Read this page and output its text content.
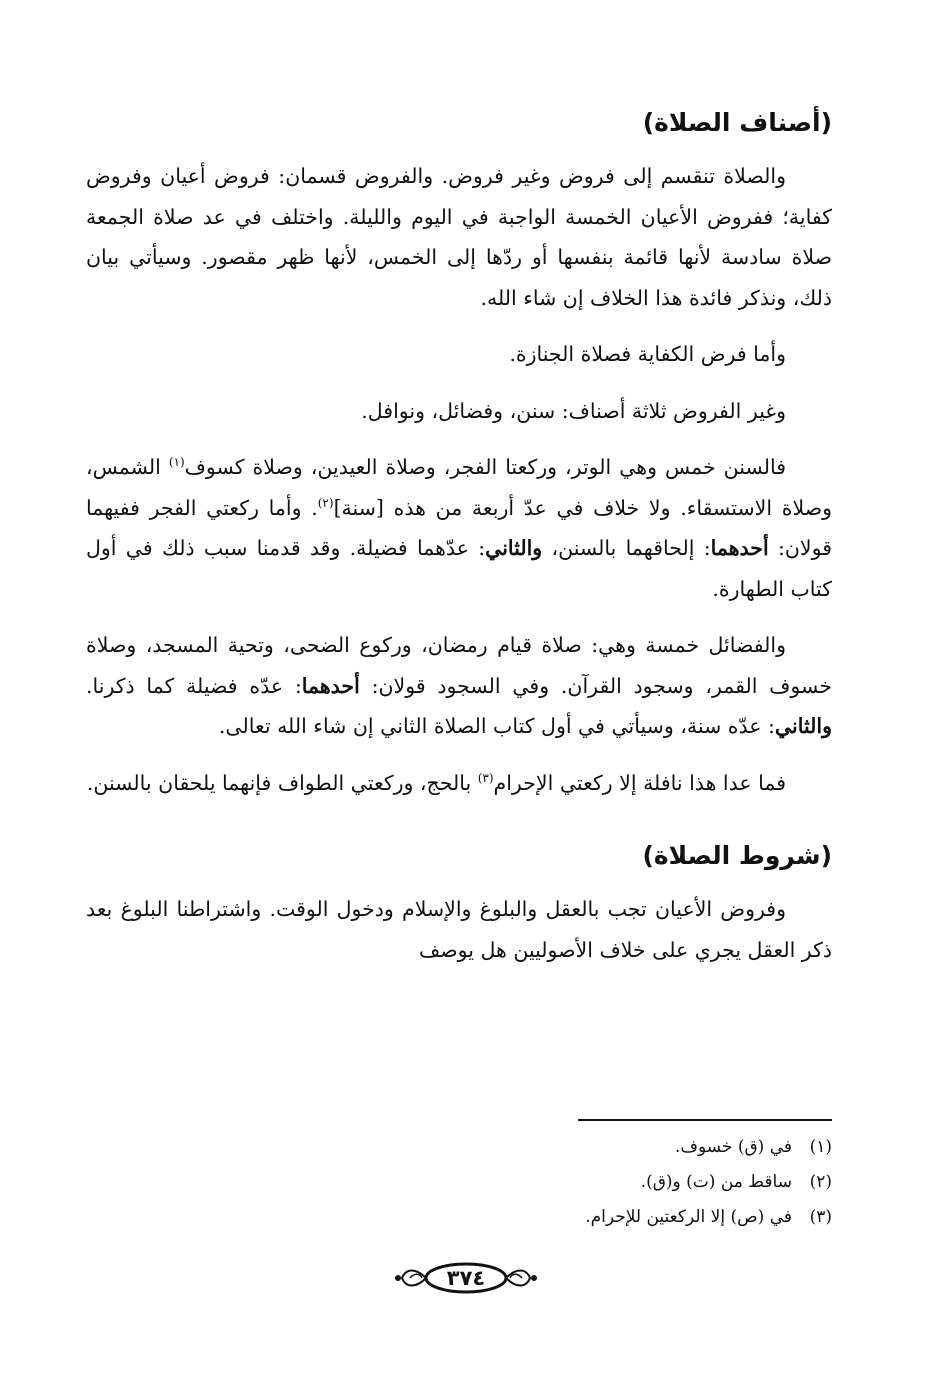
(أصناف الصلاة)

والصلاة تنقسم إلى فروض وغير فروض. والفروض قسمان: فروض أعيان وفروض كفاية؛ ففروض الأعيان الخمسة الواجبة في اليوم والليلة. واختلف في عد صلاة الجمعة صلاة سادسة لأنها قائمة بنفسها أو ردّها إلى الخمس، لأنها ظهر مقصور. وسيأتي بيان ذلك، ونذكر فائدة هذا الخلاف إن شاء الله.

وأما فرض الكفاية فصلاة الجنازة.

وغير الفروض ثلاثة أصناف: سنن، وفضائل، ونوافل.

فالسنن خمس وهي الوتر، وركعتا الفجر، وصلاة العيدين، وصلاة كسوف$^{(١)}$ الشمس، وصلاة الاستسقاء. ولا خلاف في عدّ أربعة من هذه [سنة]$^{(٢)}$. وأما ركعتي الفجر ففيهما قولان: أحدهما: إلحاقهما بالسنن، والثاني: عدّهما فضيلة. وقد قدمنا سبب ذلك في أول كتاب الطهارة.

والفضائل خمسة وهي: صلاة قيام رمضان، وركوع الضحى، وتحية المسجد، وصلاة خسوف القمر، وسجود القرآن. وفي السجود قولان: أحدهما: عدّه فضيلة كما ذكرنا. والثاني: عدّه سنة، وسيأتي في أول كتاب الصلاة الثاني إن شاء الله تعالى.

فما عدا هذا نافلة إلا ركعتي الإحرام$^{(٣)}$ بالحج، وركعتي الطواف فإنهما يلحقان بالسنن.

(شروط الصلاة)

وفروض الأعيان تجب بالعقل والبلوغ والإسلام ودخول الوقت. واشتراطنا البلوغ بعد ذكر العقل يجري على خلاف الأصوليين هل يوصف

(١)
في (ق) خسوف.
(٢)
ساقط من (ت) و(ق).
(٣)
في (ص) إلا الركعتين للإحرام.
٣٧٤
